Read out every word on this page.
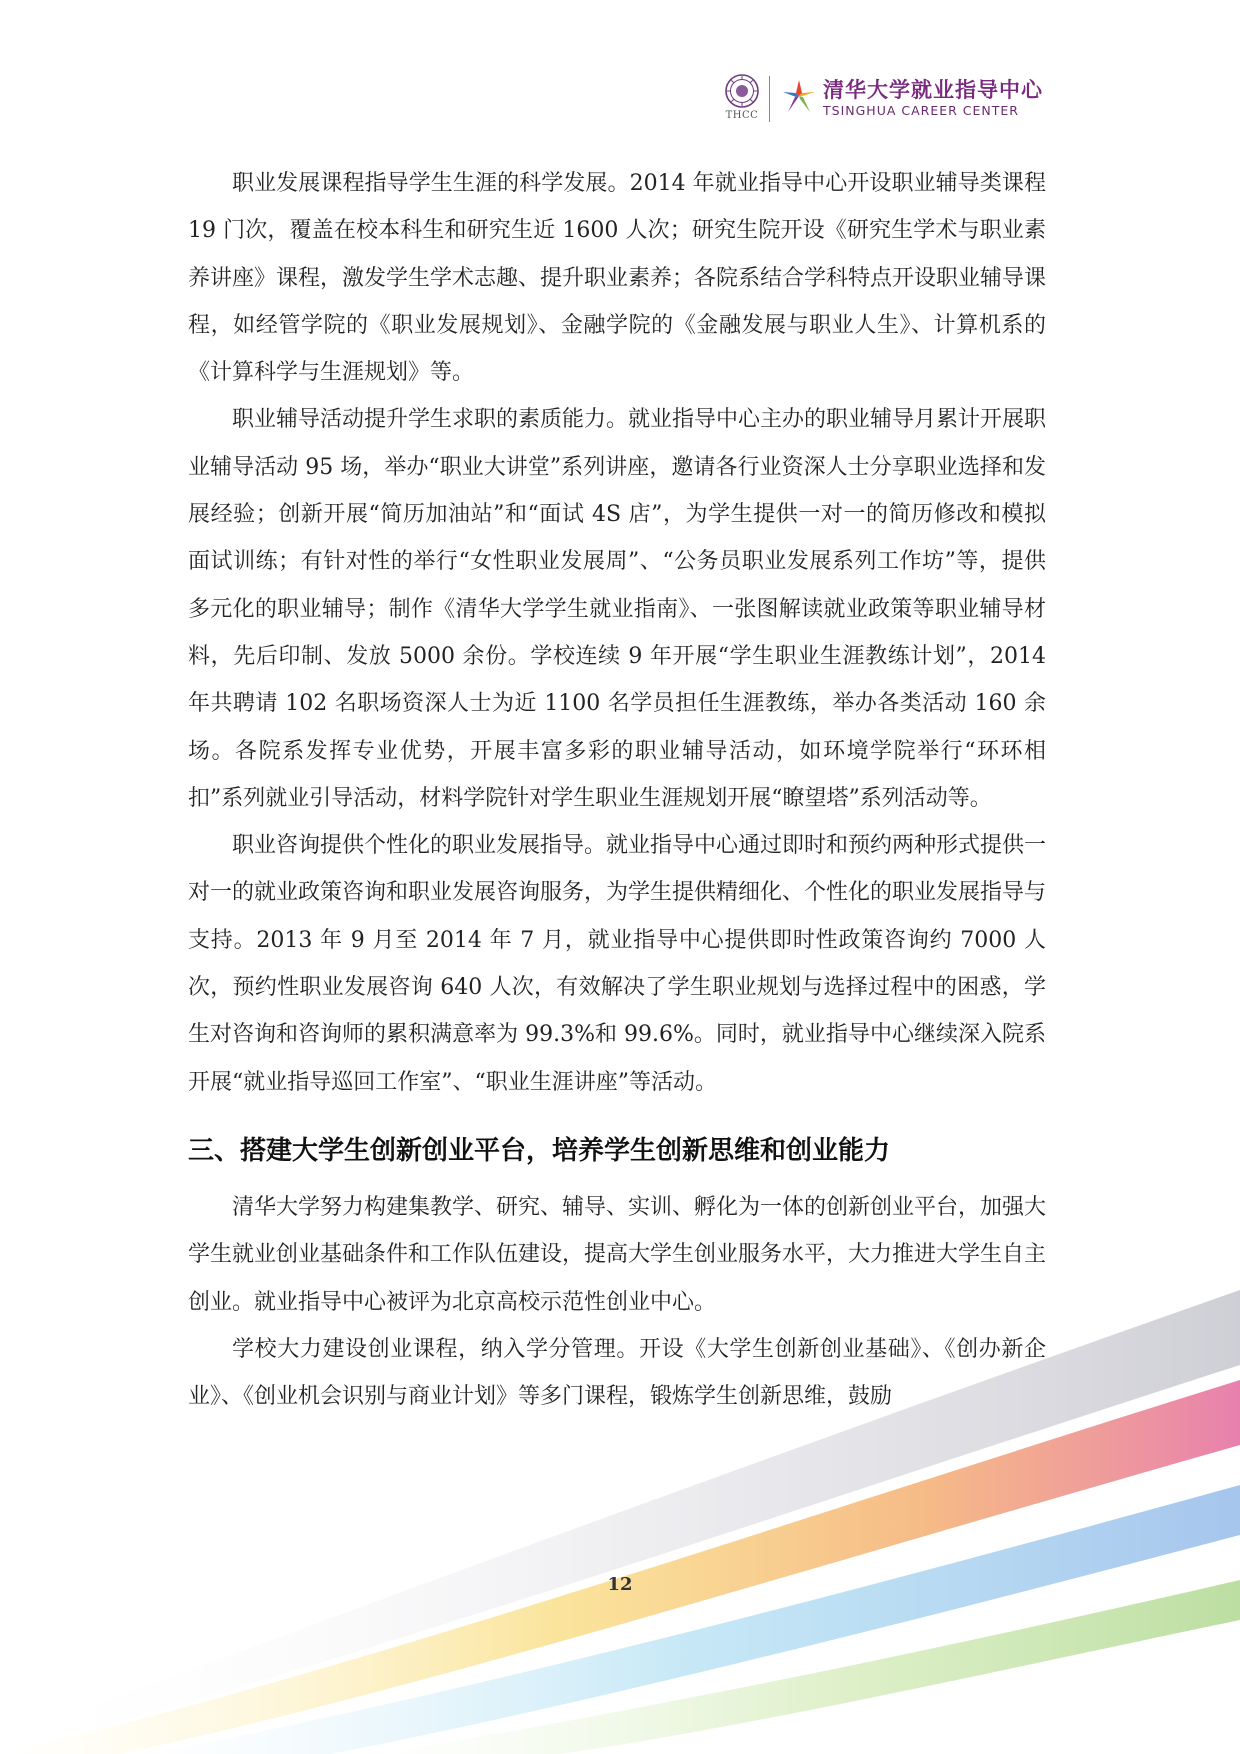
THCC
清华大学就业指导中心
TSINGHUA CAREER CENTER

职业发展课程指导学生生涯的科学发展。2014 年就业指导中心开设职业辅导类课程 19 门次，覆盖在校本科生和研究生近 1600 人次；研究生院开设《研究生学术与职业素养讲座》课程，激发学生学术志趣、提升职业素养；各院系结合学科特点开设职业辅导课程，如经管学院的《职业发展规划》、金融学院的《金融发展与职业人生》、计算机系的《计算科学与生涯规划》等。

职业辅导活动提升学生求职的素质能力。就业指导中心主办的职业辅导月累计开展职业辅导活动 95 场，举办“职业大讲堂”系列讲座，邀请各行业资深人士分享职业选择和发展经验；创新开展“简历加油站”和“面试 4S 店”，为学生提供一对一的简历修改和模拟面试训练；有针对性的举行“女性职业发展周”、“公务员职业发展系列工作坊”等，提供多元化的职业辅导；制作《清华大学学生就业指南》、一张图解读就业政策等职业辅导材料，先后印制、发放 5000 余份。学校连续 9 年开展“学生职业生涯教练计划”，2014 年共聘请 102 名职场资深人士为近 1100 名学员担任生涯教练，举办各类活动 160 余场。各院系发挥专业优势，开展丰富多彩的职业辅导活动，如环境学院举行“环环相扣”系列就业引导活动，材料学院针对学生职业生涯规划开展“瞭望塔”系列活动等。

职业咨询提供个性化的职业发展指导。就业指导中心通过即时和预约两种形式提供一对一的就业政策咨询和职业发展咨询服务，为学生提供精细化、个性化的职业发展指导与支持。2013 年 9 月至 2014 年 7 月，就业指导中心提供即时性政策咨询约 7000 人次，预约性职业发展咨询 640 人次，有效解决了学生职业规划与选择过程中的困惑，学生对咨询和咨询师的累积满意率为 99.3%和 99.6%。同时，就业指导中心继续深入院系开展“就业指导巡回工作室”、“职业生涯讲座”等活动。

三、搭建大学生创新创业平台，培养学生创新思维和创业能力

清华大学努力构建集教学、研究、辅导、实训、孵化为一体的创新创业平台，加强大学生就业创业基础条件和工作队伍建设，提高大学生创业服务水平，大力推进大学生自主创业。就业指导中心被评为北京高校示范性创业中心。

学校大力建设创业课程，纳入学分管理。开设《大学生创新创业基础》、《创办新企业》、《创业机会识别与商业计划》等多门课程，锻炼学生创新思维，鼓励

12
